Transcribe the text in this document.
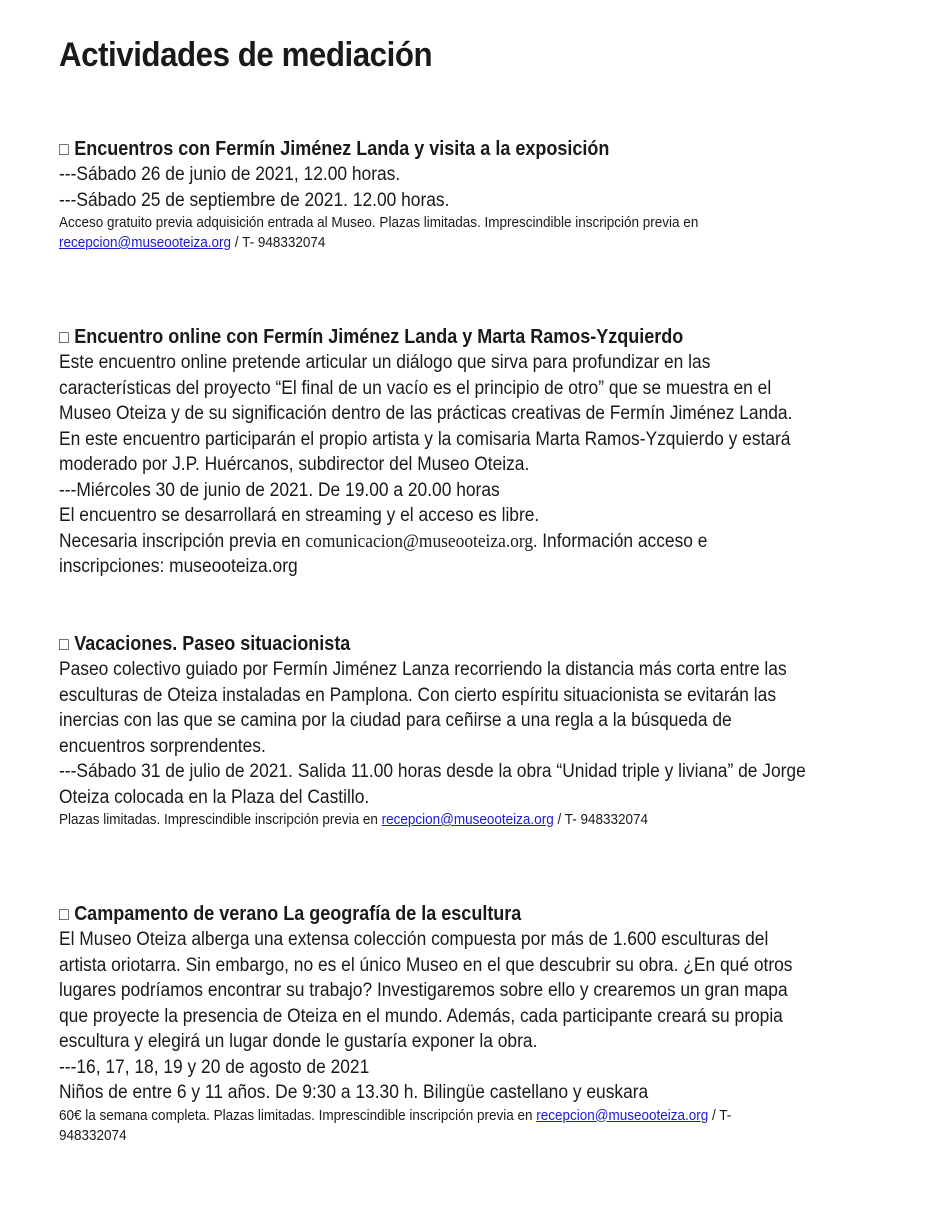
Actividades de mediación

□ Encuentros con Fermín Jiménez Landa y visita a la exposición

---Sábado 26 de junio de 2021, 12.00 horas.

---Sábado 25 de septiembre de 2021. 12.00 horas.

Acceso gratuito previa adquisición entrada al Museo. Plazas limitadas. Imprescindible inscripción previa en

recepcion@museooteiza.org / T- 948332074

□ Encuentro online con Fermín Jiménez Landa y Marta Ramos-Yzquierdo

Este encuentro online pretende articular un diálogo que sirva para profundizar en las

características del proyecto “El final de un vacío es el principio de otro” que se muestra en el

Museo Oteiza y de su significación dentro de las prácticas creativas de Fermín Jiménez Landa.

En este encuentro participarán el propio artista y la comisaria Marta Ramos-Yzquierdo y estará

moderado por J.P. Huércanos, subdirector del Museo Oteiza.

---Miércoles 30 de junio de 2021. De 19.00 a 20.00 horas

El encuentro se desarrollará en streaming y el acceso es libre.

Necesaria inscripción previa en comunicacion@museooteiza.org. Información acceso e

inscripciones: museooteiza.org

□ Vacaciones. Paseo situacionista

Paseo colectivo guiado por Fermín Jiménez Lanza recorriendo la distancia más corta entre las

esculturas de Oteiza instaladas en Pamplona. Con cierto espíritu situacionista se evitarán las

inercias con las que se camina por la ciudad para ceñirse a una regla a la búsqueda de

encuentros sorprendentes.

---Sábado 31 de julio de 2021. Salida 11.00 horas desde la obra “Unidad triple y liviana” de Jorge

Oteiza colocada en la Plaza del Castillo.

Plazas limitadas. Imprescindible inscripción previa en recepcion@museooteiza.org / T- 948332074

□ Campamento de verano La geografía de la escultura

El Museo Oteiza alberga una extensa colección compuesta por más de 1.600 esculturas del

artista oriotarra. Sin embargo, no es el único Museo en el que descubrir su obra. ¿En qué otros

lugares podríamos encontrar su trabajo? Investigaremos sobre ello y crearemos un gran mapa

que proyecte la presencia de Oteiza en el mundo. Además, cada participante creará su propia

escultura y elegirá un lugar donde le gustaría exponer la obra.

---16, 17, 18, 19 y 20 de agosto de 2021

Niños de entre 6 y 11 años. De 9:30 a 13.30 h. Bilingüe castellano y euskara

60€ la semana completa. Plazas limitadas. Imprescindible inscripción previa en recepcion@museooteiza.org / T-

948332074
